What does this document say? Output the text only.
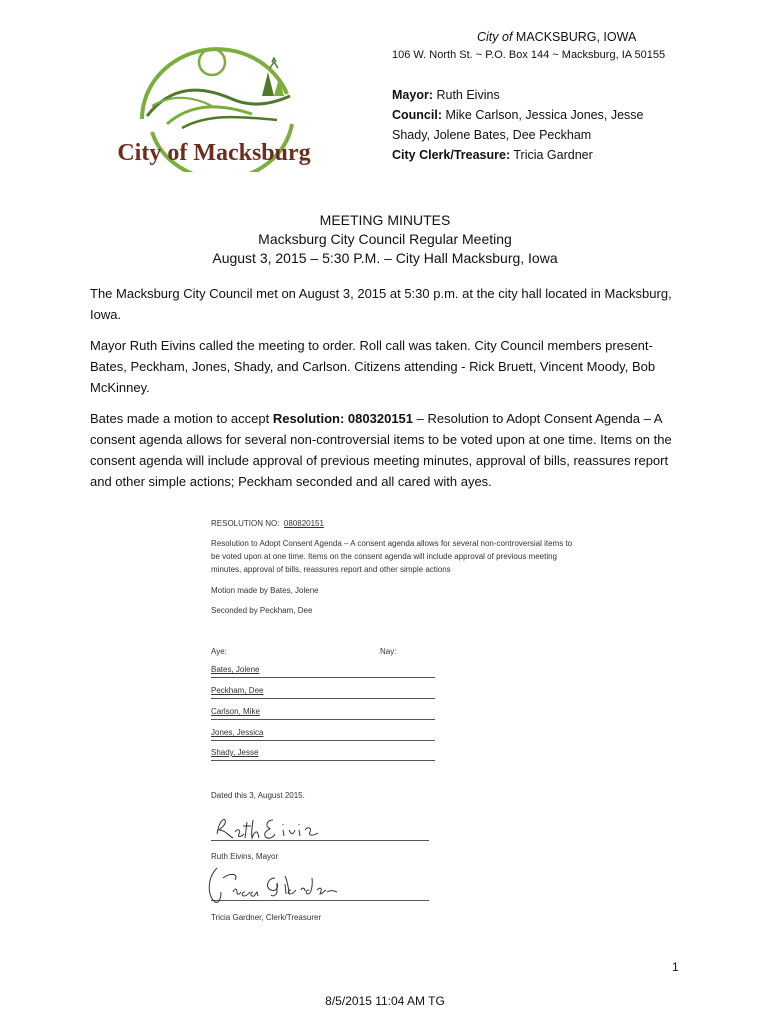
City of Macksburg
City of MACKSBURG, IOWA
106 W. North St. ~ P.O. Box 144 ~ Macksburg, IA 50155
Mayor: Ruth Eivins
Council: Mike Carlson, Jessica Jones, Jesse Shady, Jolene Bates, Dee Peckham
City Clerk/Treasure: Tricia Gardner
MEETING MINUTES
Macksburg City Council Regular Meeting
August 3, 2015 – 5:30 P.M. – City Hall Macksburg, Iowa
The Macksburg City Council met on August 3, 2015 at 5:30 p.m. at the city hall located in Macksburg, Iowa.
Mayor Ruth Eivins called the meeting to order. Roll call was taken. City Council members present- Bates, Peckham, Jones, Shady, and Carlson. Citizens attending - Rick Bruett, Vincent Moody, Bob McKinney.
Bates made a motion to accept Resolution: 080320151 – Resolution to Adopt Consent Agenda – A consent agenda allows for several non-controversial items to be voted upon at one time. Items on the consent agenda will include approval of previous meeting minutes, approval of bills, reassures report and other simple actions; Peckham seconded and all cared with ayes.
RESOLUTION NO: 080820151
Resolution to Adopt Consent Agenda – A consent agenda allows for several non-controversial items to
be voted upon at one time. Items on the consent agenda will include approval of previous meeting
minutes, approval of bills, reassures report and other simple actions
Motion made by Bates, Jolene
Seconded by Peckham, Dee
Aye:	Nay:
Bates, Jolene
Peckham, Dee
Carlson, Mike
Jones, Jessica
Shady, Jesse
Dated this 3, August 2015.
Ruth Eivins, Mayor
Tricia Gardner, Clerk/Treasurer
1
8/5/2015 11:04 AM TG
